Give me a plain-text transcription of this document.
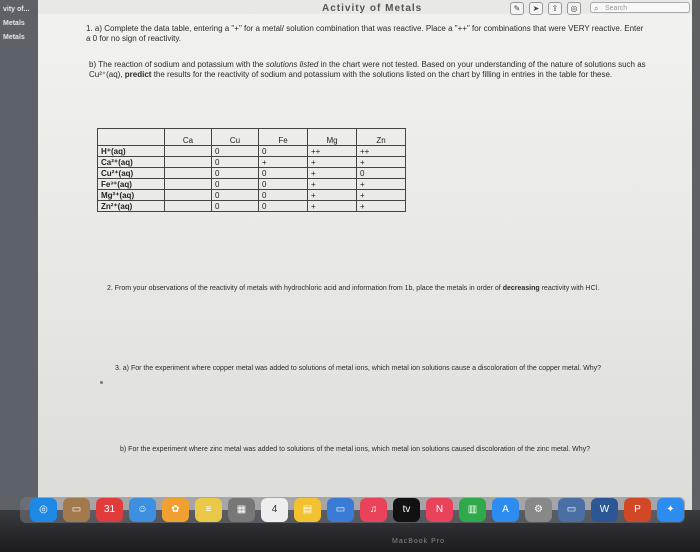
vity of...
Metals
Metals
Activity of Metals	✎	➤	⇪	◎	⌕ Search
1. a) Complete the data table, entering a "+" for a metal/ solution combination that was reactive. Place a "++" for combinations that were VERY reactive. Enter a 0 for no sign of reactivity.
b) The reaction of sodium and potassium with the solutions listed in the chart were not tested. Based on your understanding of the nature of solutions such as Cu²⁺(aq), predict the results for the reactivity of sodium and potassium with the solutions listed on the chart by filling in entries in the table for these.
	Ca	Cu	Fe	Mg	Zn
H⁺(aq)		0	0	++	++
Ca²⁺(aq)		0	+	+	+
Cu²⁺(aq)		0	0	+	0
Fe³⁺(aq)		0	0	+	+
Mg²⁺(aq)		0	0	+	+
Zn²⁺(aq)		0	0	+	+
2. From your observations of the reactivity of metals with hydrochloric acid and information from 1b, place the metals in order of decreasing reactivity with HCl.
3. a) For the experiment where copper metal was added to solutions of metal ions, which metal ion solutions cause a discoloration of the copper metal. Why?
b) For the experiment where zinc metal was added to solutions of the metal ions, which metal ion solutions caused discoloration of the zinc metal. Why?
◎	▭	31	☺	✿	≡	▦	4	▤	▭	♫	tv	N	▥	A	⚙	▭	W	P	✦
MacBook Pro
